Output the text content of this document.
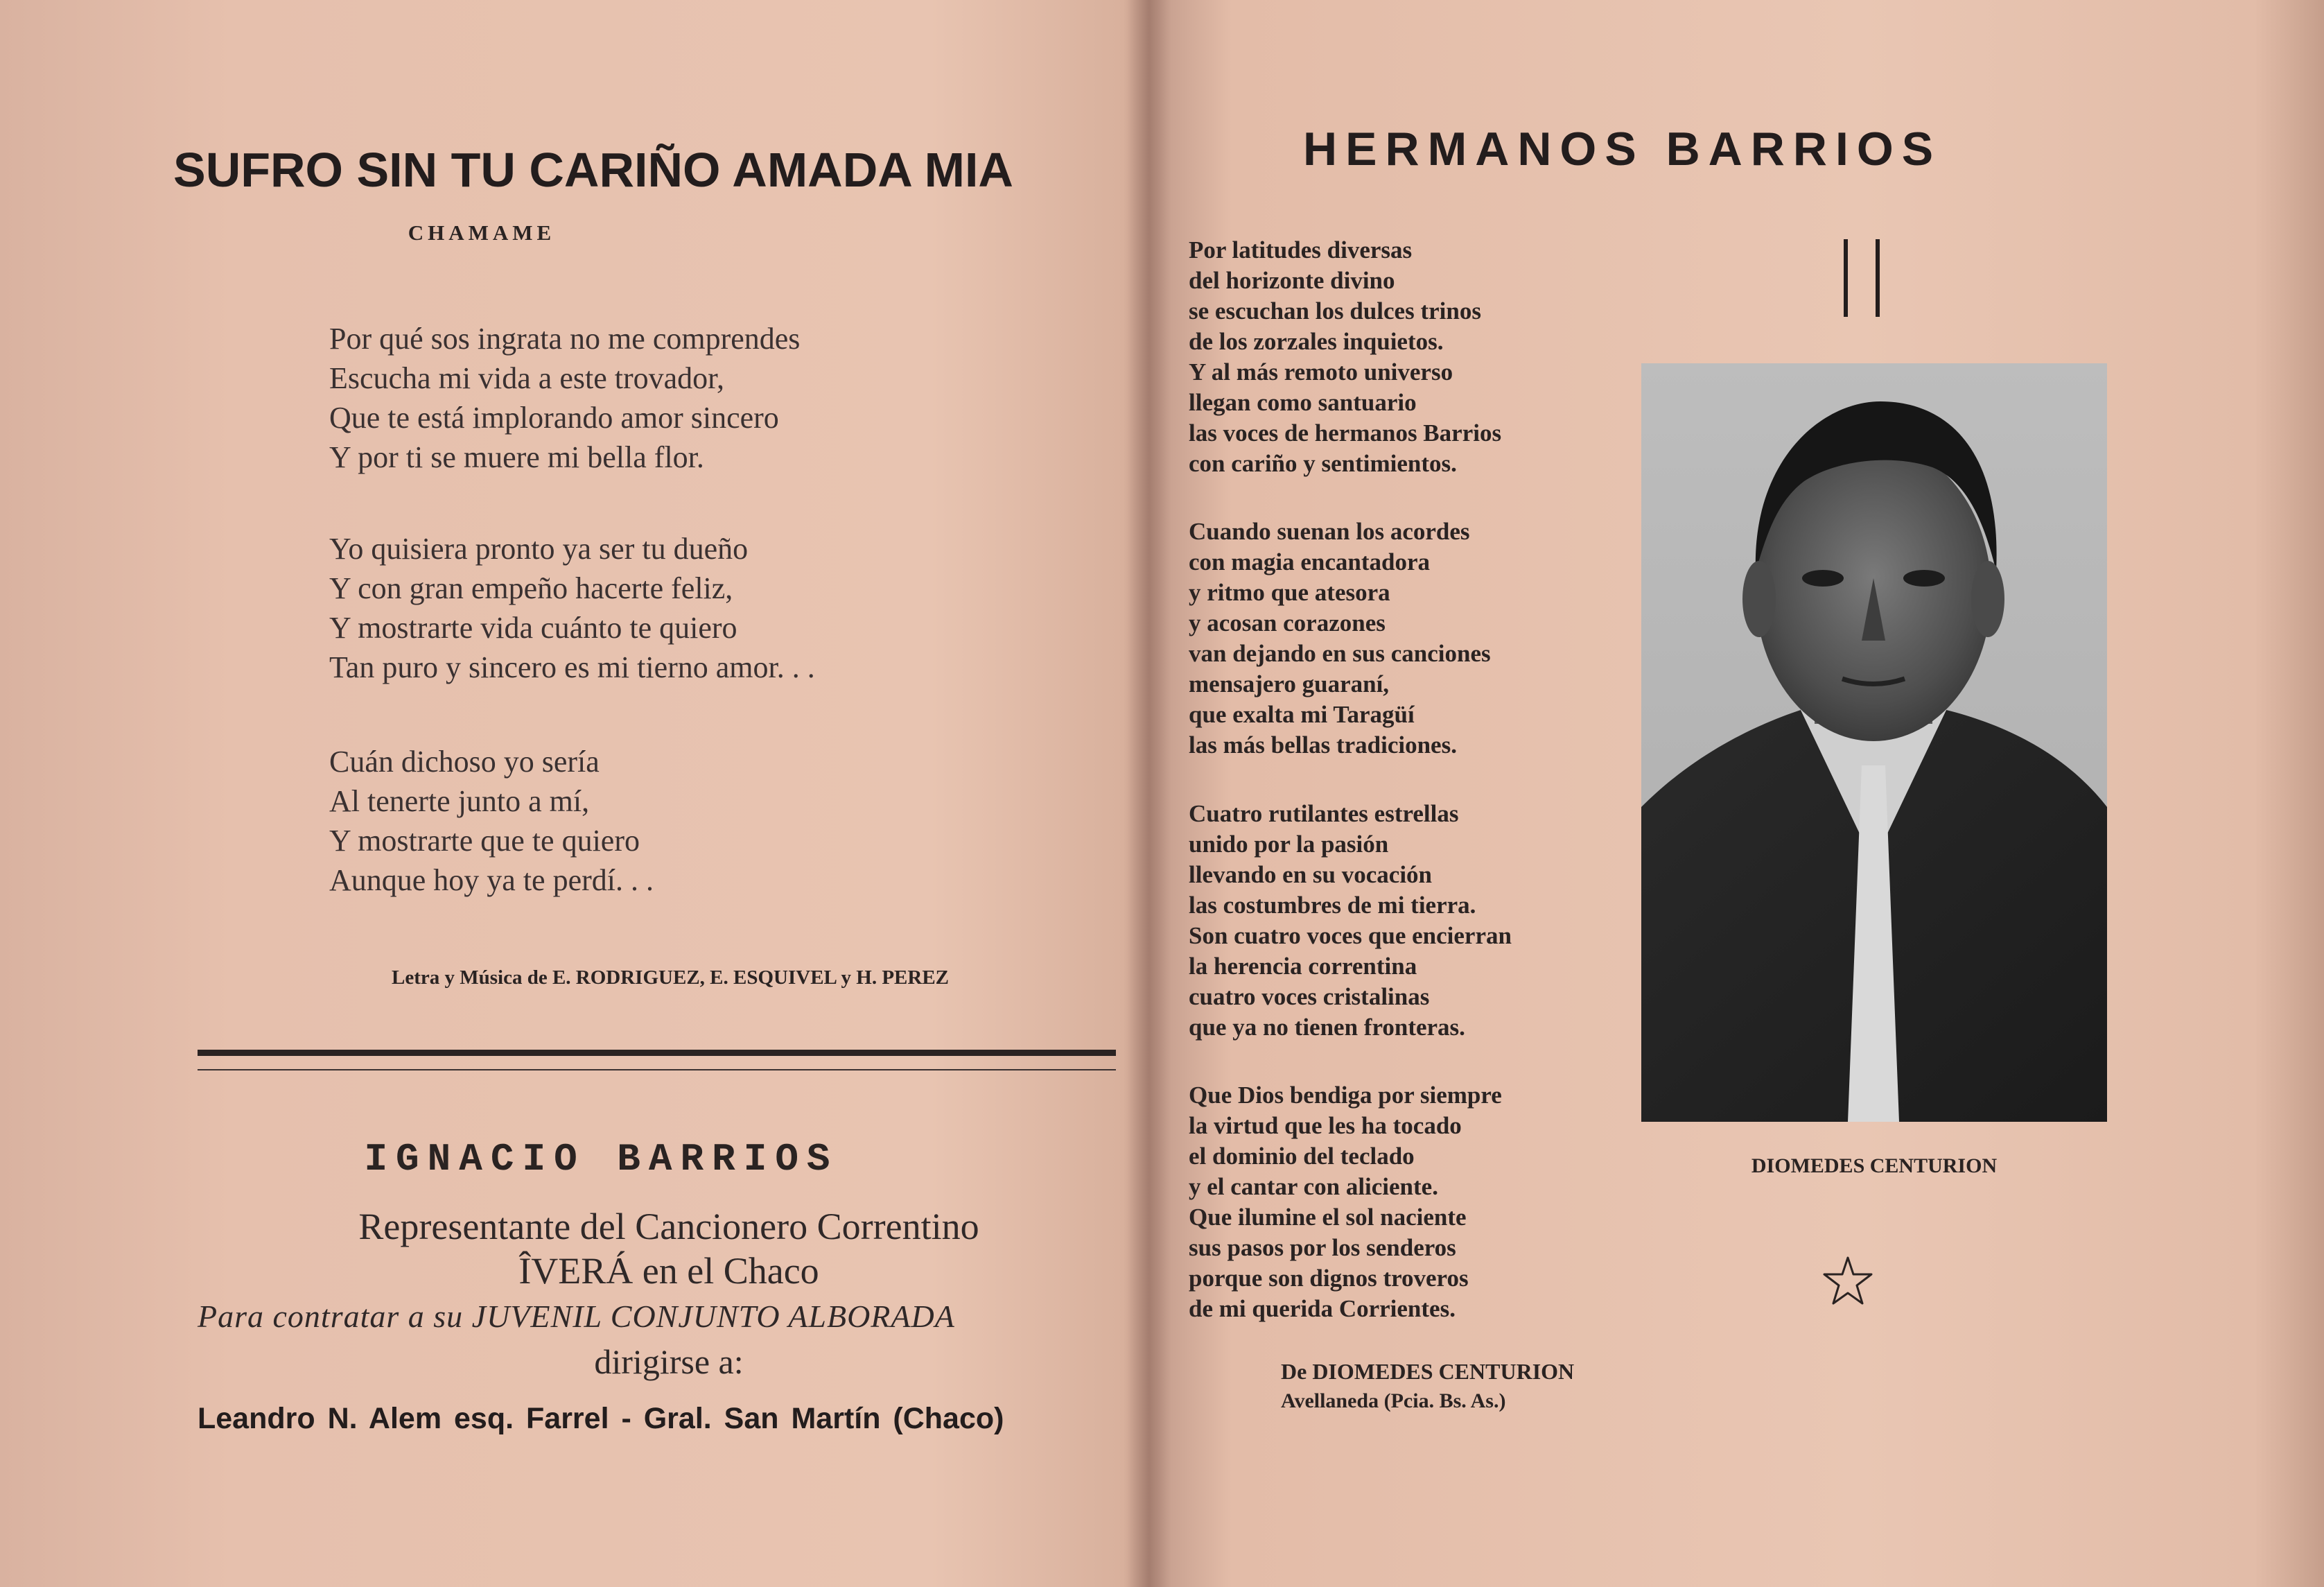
SUFRO SIN TU CARIÑO AMADA MIA
CHAMAME
Por qué sos ingrata no me comprendes
Escucha mi vida a este trovador,
Que te está implorando amor sincero
Y por ti se muere mi bella flor.
Yo quisiera pronto ya ser tu dueño
Y con gran empeño hacerte feliz,
Y mostrarte vida cuánto te quiero
Tan puro y sincero es mi tierno amor. . .
Cuán dichoso yo sería
Al tenerte junto a mí,
Y mostrarte que te quiero
Aunque hoy ya te perdí. . .
Letra y Música de E. RODRIGUEZ, E. ESQUIVEL y H. PEREZ
IGNACIO BARRIOS
Representante del Cancionero Correntino
ÎVERÁ en el Chaco
Para contratar a su JUVENIL CONJUNTO ALBORADA
dirigirse a:
Leandro N. Alem esq. Farrel - Gral. San Martín (Chaco)
HERMANOS BARRIOS
Por latitudes diversas
del horizonte divino
se escuchan los dulces trinos
de los zorzales inquietos.
Y al más remoto universo
llegan como santuario
las voces de hermanos Barrios
con cariño y sentimientos.
Cuando suenan los acordes
con magia encantadora
y ritmo que atesora
y acosan corazones
van dejando en sus canciones
mensajero guaraní,
que exalta mi Taragüí
las más bellas tradiciones.
Cuatro rutilantes estrellas
unido por la pasión
llevando en su vocación
las costumbres de mi tierra.
Son cuatro voces que encierran
la herencia correntina
cuatro voces cristalinas
que ya no tienen fronteras.
Que Dios bendiga por siempre
la virtud que les ha tocado
el dominio del teclado
y el cantar con aliciente.
Que ilumine el sol naciente
sus pasos por los senderos
porque son dignos troveros
de mi querida Corrientes.
De DIOMEDES CENTURION
Avellaneda (Pcia. Bs. As.)
DIOMEDES CENTURION
